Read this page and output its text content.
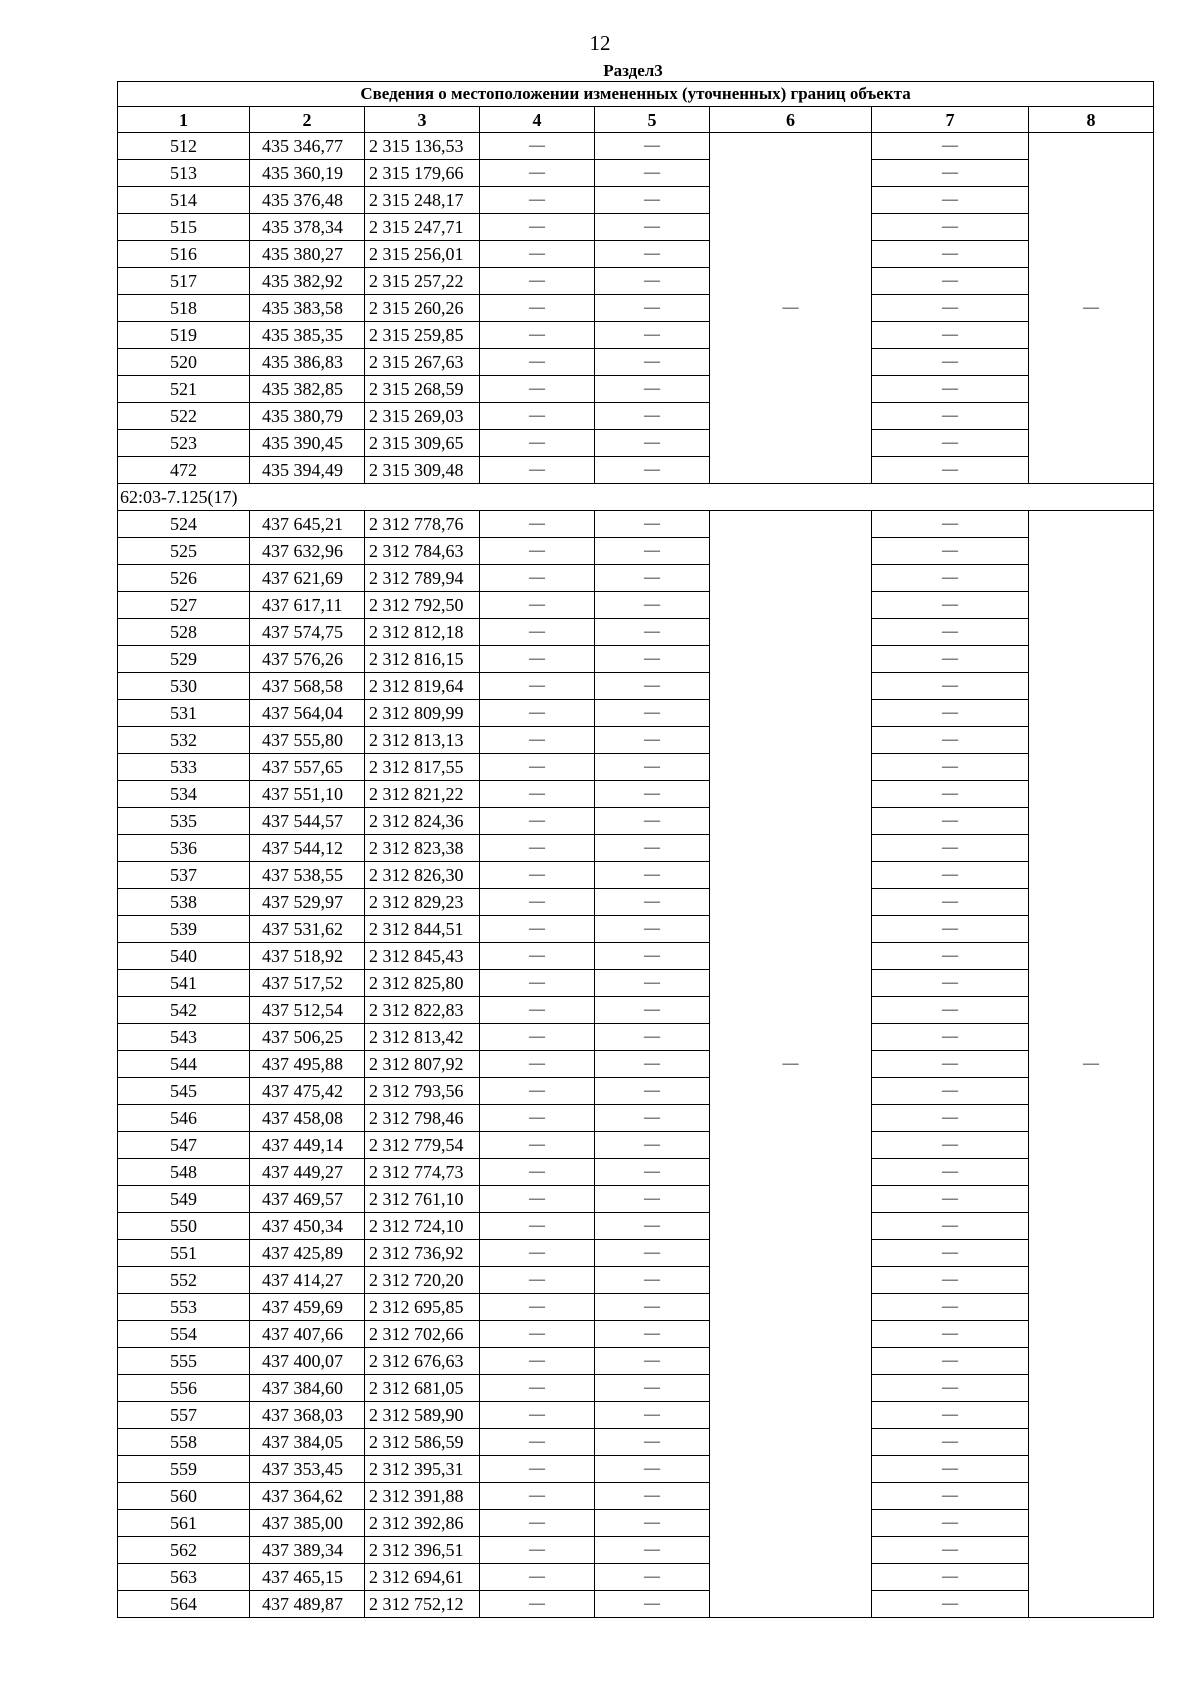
12
Раздел3
Сведения о местоположении измененных (уточненных) границ объекта							
1	2	3	4	5	6	7	8
512	435 346,77	2 315 136,53	—	—	—	—	—
513	435 360,19	2 315 179,66	—	—		—	
514	435 376,48	2 315 248,17	—	—		—	
515	435 378,34	2 315 247,71	—	—		—	
516	435 380,27	2 315 256,01	—	—		—	
517	435 382,92	2 315 257,22	—	—		—	
518	435 383,58	2 315 260,26	—	—		—	
519	435 385,35	2 315 259,85	—	—		—	
520	435 386,83	2 315 267,63	—	—		—	
521	435 382,85	2 315 268,59	—	—		—	
522	435 380,79	2 315 269,03	—	—		—	
523	435 390,45	2 315 309,65	—	—		—	
472	435 394,49	2 315 309,48	—	—		—	
62:03-7.125(17)							
524	437 645,21	2 312 778,76	—	—	—	—	—
525	437 632,96	2 312 784,63	—	—		—	
526	437 621,69	2 312 789,94	—	—		—	
527	437 617,11	2 312 792,50	—	—		—	
528	437 574,75	2 312 812,18	—	—		—	
529	437 576,26	2 312 816,15	—	—		—	
530	437 568,58	2 312 819,64	—	—		—	
531	437 564,04	2 312 809,99	—	—		—	
532	437 555,80	2 312 813,13	—	—		—	
533	437 557,65	2 312 817,55	—	—		—	
534	437 551,10	2 312 821,22	—	—		—	
535	437 544,57	2 312 824,36	—	—		—	
536	437 544,12	2 312 823,38	—	—		—	
537	437 538,55	2 312 826,30	—	—		—	
538	437 529,97	2 312 829,23	—	—		—	
539	437 531,62	2 312 844,51	—	—		—	
540	437 518,92	2 312 845,43	—	—		—	
541	437 517,52	2 312 825,80	—	—		—	
542	437 512,54	2 312 822,83	—	—		—	
543	437 506,25	2 312 813,42	—	—		—	
544	437 495,88	2 312 807,92	—	—		—	
545	437 475,42	2 312 793,56	—	—		—	
546	437 458,08	2 312 798,46	—	—		—	
547	437 449,14	2 312 779,54	—	—		—	
548	437 449,27	2 312 774,73	—	—		—	
549	437 469,57	2 312 761,10	—	—		—	
550	437 450,34	2 312 724,10	—	—		—	
551	437 425,89	2 312 736,92	—	—		—	
552	437 414,27	2 312 720,20	—	—		—	
553	437 459,69	2 312 695,85	—	—		—	
554	437 407,66	2 312 702,66	—	—		—	
555	437 400,07	2 312 676,63	—	—		—	
556	437 384,60	2 312 681,05	—	—		—	
557	437 368,03	2 312 589,90	—	—		—	
558	437 384,05	2 312 586,59	—	—		—	
559	437 353,45	2 312 395,31	—	—		—	
560	437 364,62	2 312 391,88	—	—		—	
561	437 385,00	2 312 392,86	—	—		—	
562	437 389,34	2 312 396,51	—	—		—	
563	437 465,15	2 312 694,61	—	—		—	
564	437 489,87	2 312 752,12	—	—		—	
